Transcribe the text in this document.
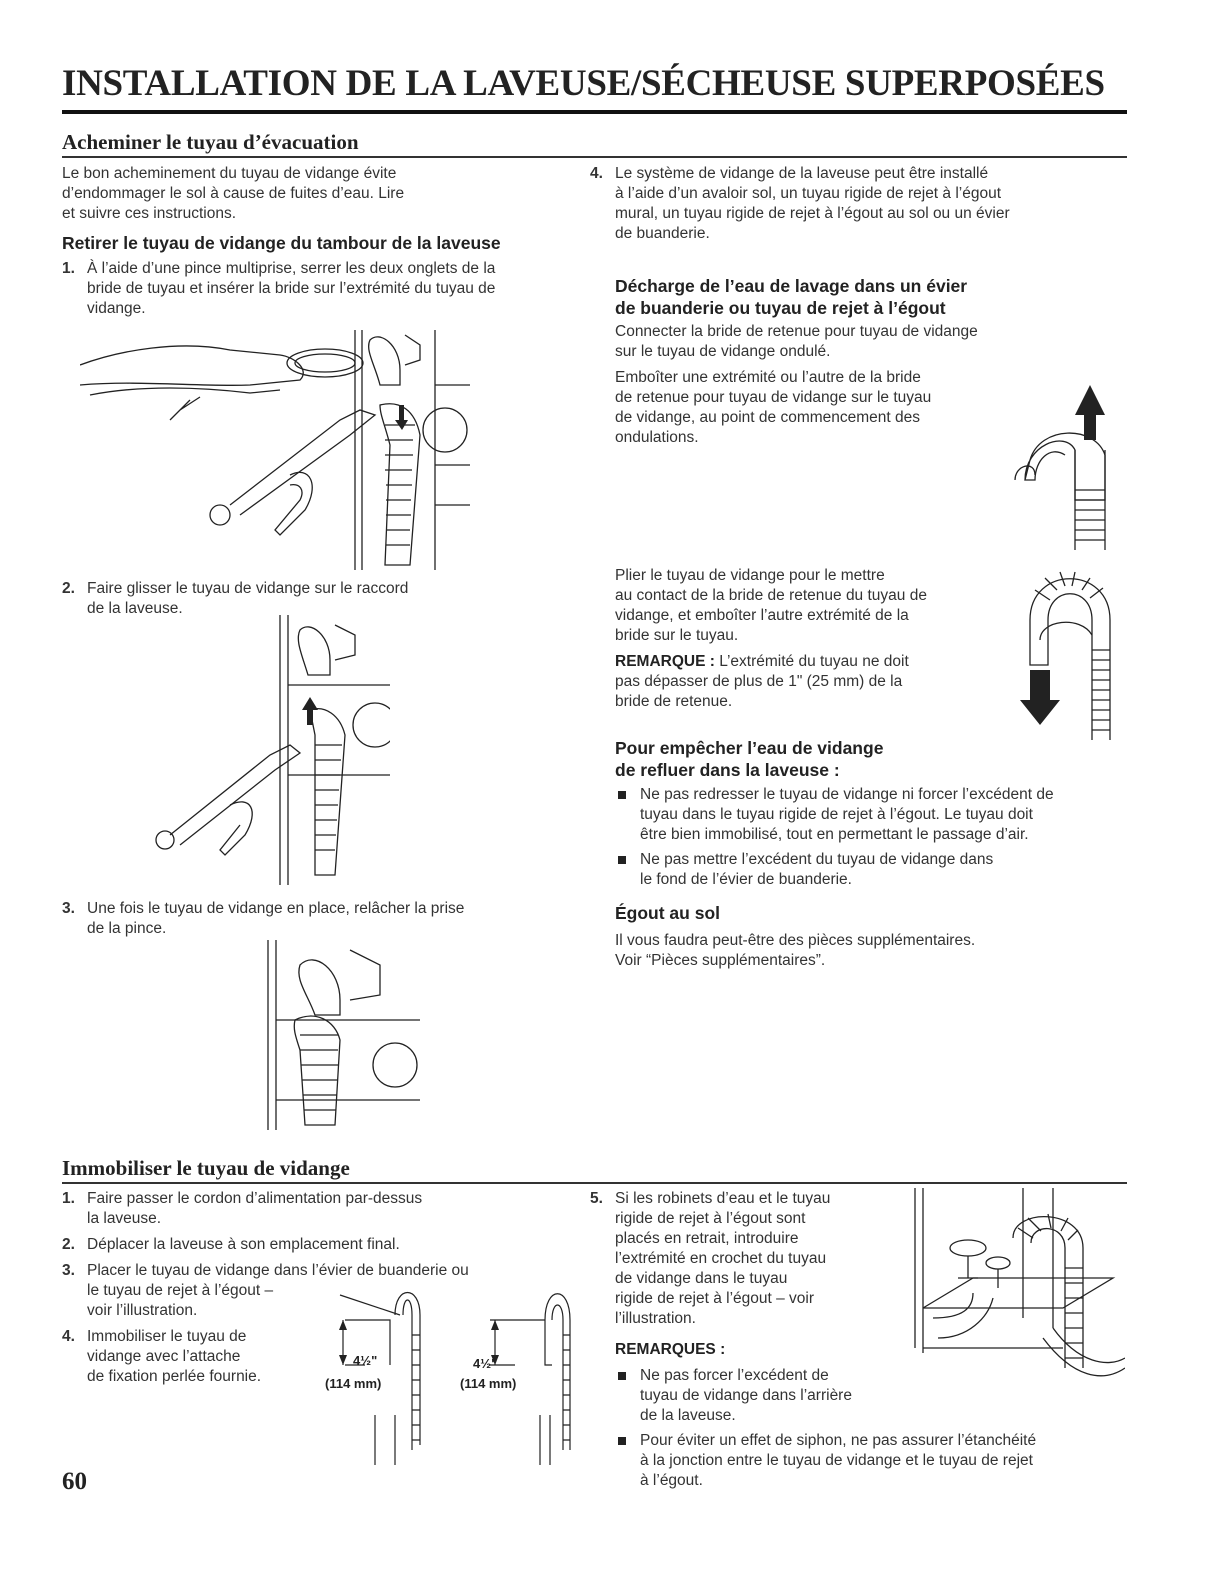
INSTALLATION DE LA LAVEUSE/SÉCHEUSE SUPERPOSÉES
Acheminer le tuyau d’évacuation
Le bon acheminement du tuyau de vidange évite
d’endommager le sol à cause de fuites d’eau. Lire
et suivre ces instructions.
Retirer le tuyau de vidange du tambour de la laveuse
1. À l’aide d’une pince multiprise, serrer les deux onglets de la
bride de tuyau et insérer la bride sur l’extrémité du tuyau de
vidange.
2. Faire glisser le tuyau de vidange sur le raccord
de la laveuse.
3. Une fois le tuyau de vidange en place, relâcher la prise
de la pince.
4. Le système de vidange de la laveuse peut être installé
à l’aide d’un avaloir sol, un tuyau rigide de rejet à l’égout
mural, un tuyau rigide de rejet à l’égout au sol ou un évier
de buanderie.
Décharge de l’eau de lavage dans un évier
de buanderie ou tuyau de rejet à l’égout
Connecter la bride de retenue pour tuyau de vidange
sur le tuyau de vidange ondulé.
Emboîter une extrémité ou l’autre de la bride
de retenue pour tuyau de vidange sur le tuyau
de vidange, au point de commencement des
ondulations.
Plier le tuyau de vidange pour le mettre
au contact de la bride de retenue du tuyau de
vidange, et emboîter l’autre extrémité de la
bride sur le tuyau.
REMARQUE : L’extrémité du tuyau ne doit
pas dépasser de plus de 1" (25 mm) de la
bride de retenue.
Pour empêcher l’eau de vidange
de refluer dans la laveuse :
Ne pas redresser le tuyau de vidange ni forcer l’excédent de
tuyau dans le tuyau rigide de rejet à l’égout. Le tuyau doit
être bien immobilisé, tout en permettant le passage d’air.
Ne pas mettre l’excédent du tuyau de vidange dans
le fond de l’évier de buanderie.
Égout au sol
Il vous faudra peut-être des pièces supplémentaires.
Voir “Pièces supplémentaires”.
Immobiliser le tuyau de vidange
1. Faire passer le cordon d’alimentation par-dessus
la laveuse.
2. Déplacer la laveuse à son emplacement final.
3. Placer le tuyau de vidange dans l’évier de buanderie ou
le tuyau de rejet à l’égout –
voir l’illustration.
4. Immobiliser le tuyau de
vidange avec l’attache
de fixation perlée fournie.
4½"
(114 mm)
4½"
(114 mm)
5. Si les robinets d’eau et le tuyau
rigide de rejet à l’égout sont
placés en retrait, introduire
l’extrémité en crochet du tuyau
de vidange dans le tuyau
rigide de rejet à l’égout – voir
l’illustration.
REMARQUES :
Ne pas forcer l’excédent de
tuyau de vidange dans l’arrière
de la laveuse.
Pour éviter un effet de siphon, ne pas assurer l’étanchéité
à la jonction entre le tuyau de vidange et le tuyau de rejet
à l’égout.
60
